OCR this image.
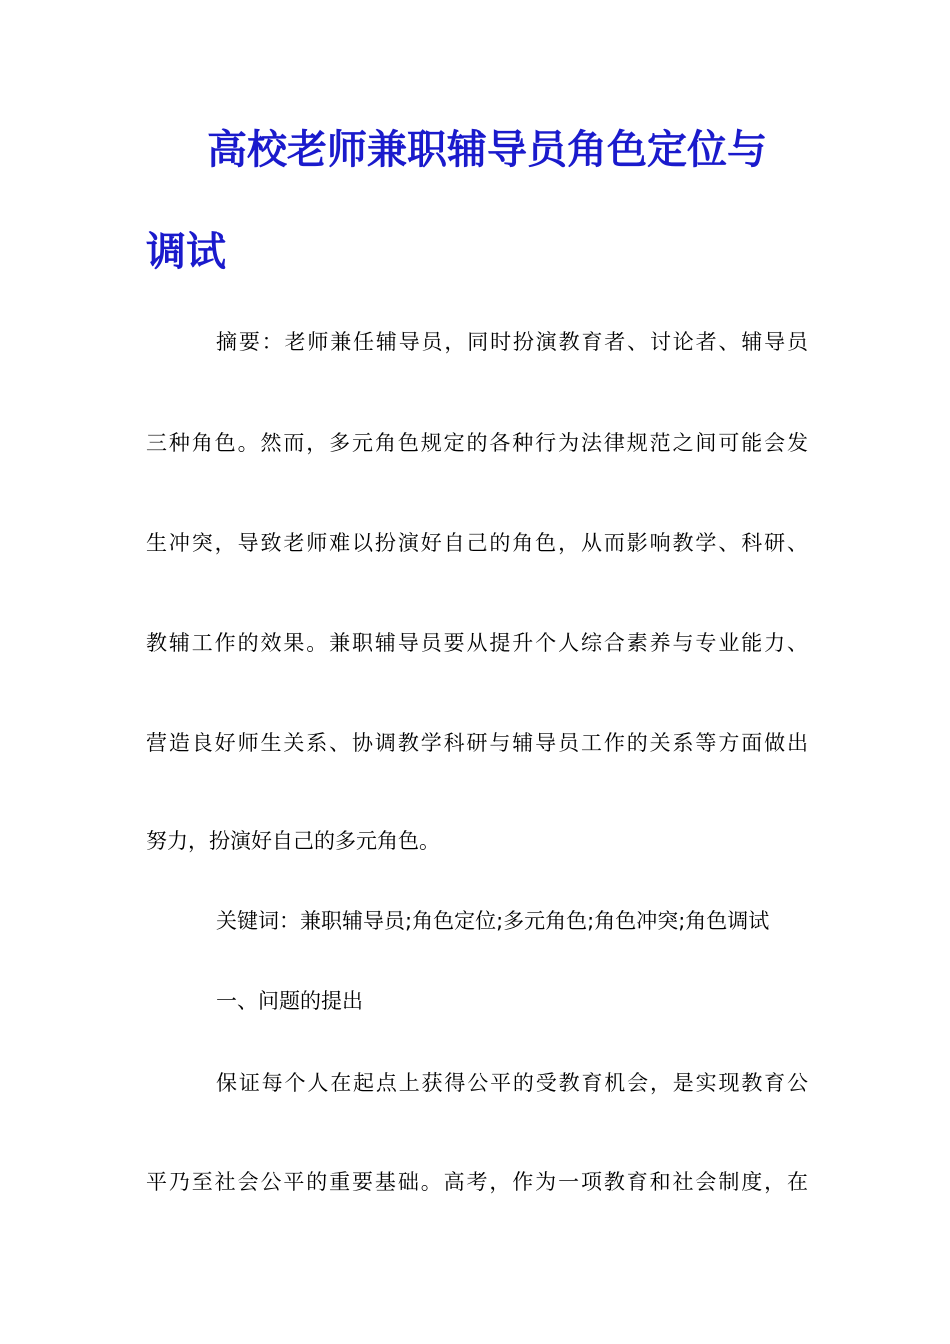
高校老师兼职辅导员角色定位与
调试
摘要：老师兼任辅导员，同时扮演教育者、讨论者、辅导员
三种角色。然而，多元角色规定的各种行为法律规范之间可能会发
生冲突，导致老师难以扮演好自己的角色，从而影响教学、科研、
教辅工作的效果。兼职辅导员要从提升个人综合素养与专业能力、
营造良好师生关系、协调教学科研与辅导员工作的关系等方面做出
努力，扮演好自己的多元角色。
关键词：兼职辅导员;角色定位;多元角色;角色冲突;角色调试
一、问题的提出
保证每个人在起点上获得公平的受教育机会，是实现教育公
平乃至社会公平的重要基础。高考，作为一项教育和社会制度，在
